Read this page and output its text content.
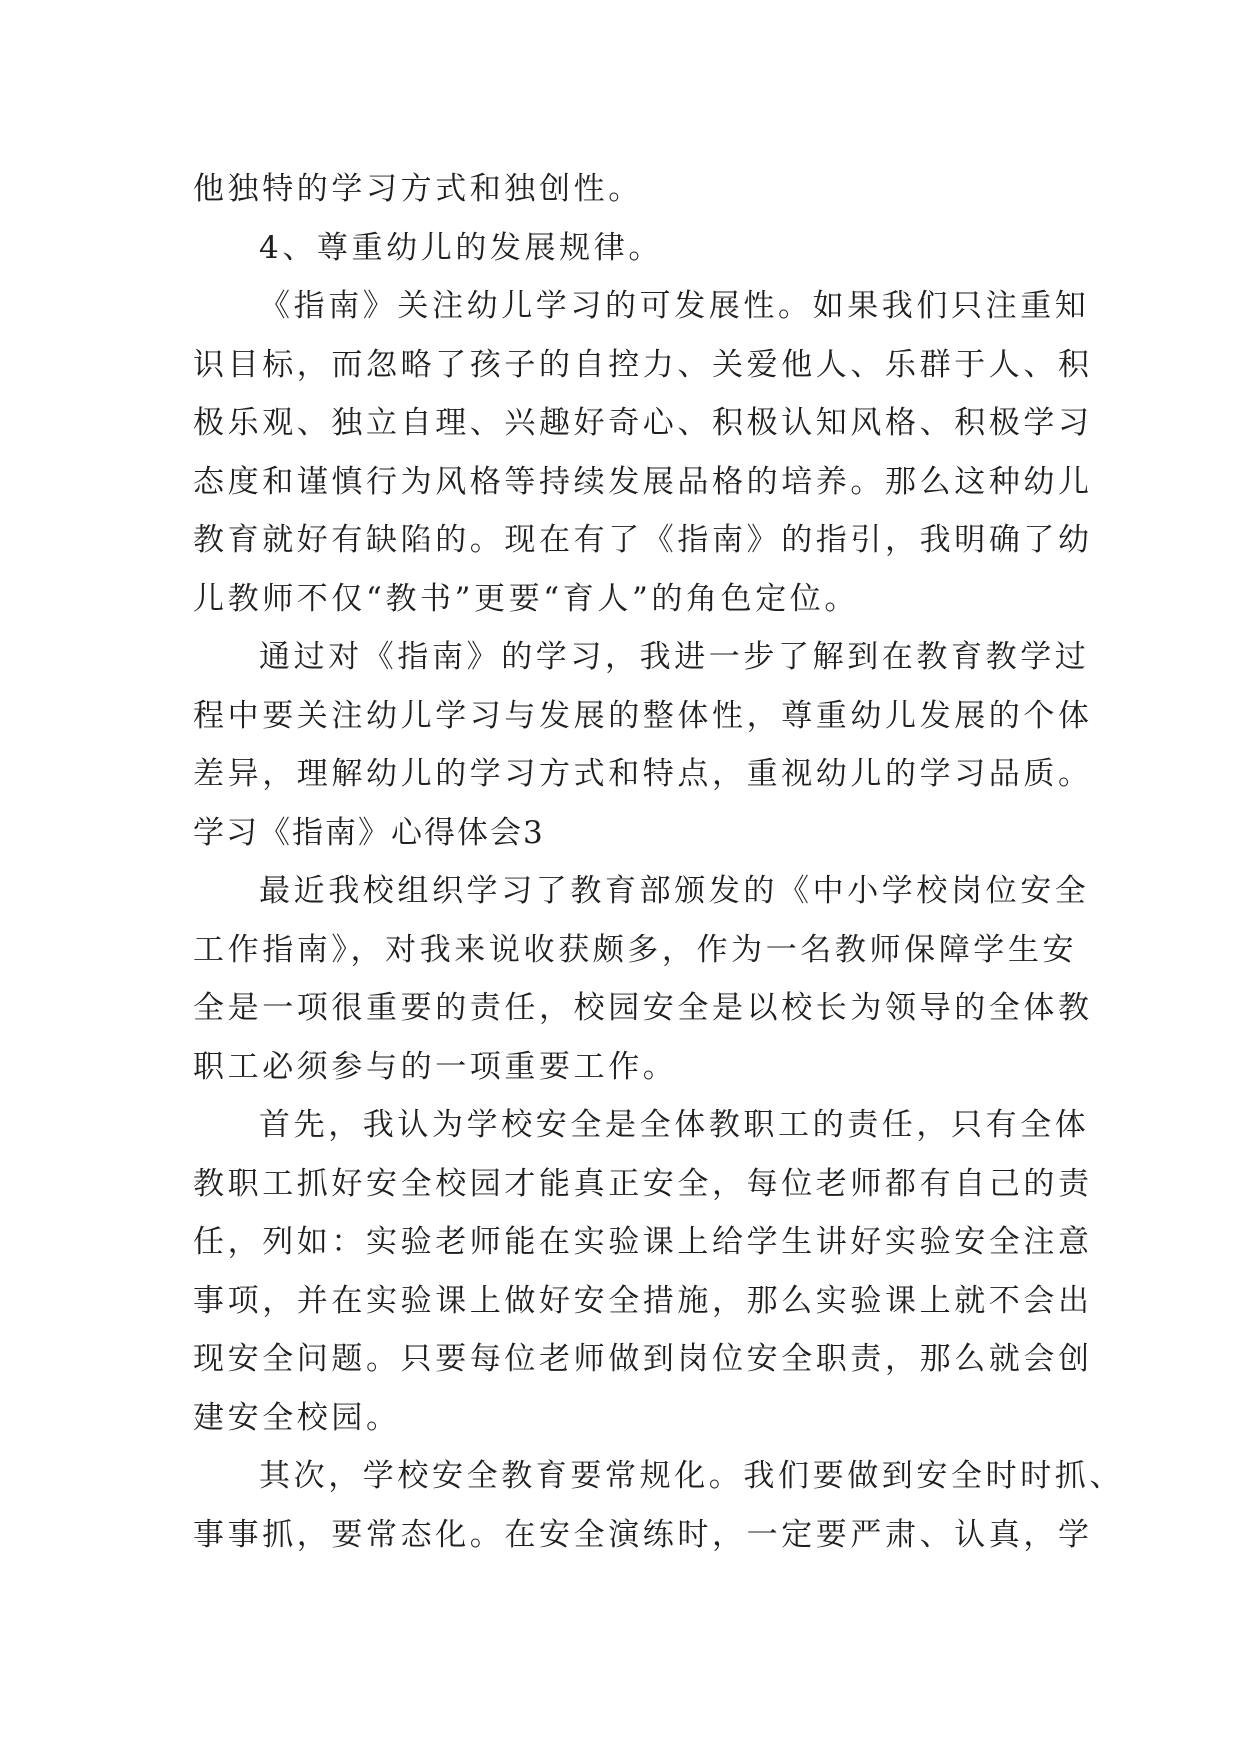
他独特的学习方式和独创性。
4、尊重幼儿的发展规律。
《指南》关注幼儿学习的可发展性。如果我们只注重知
识目标，而忽略了孩子的自控力、关爱他人、乐群于人、积
极乐观、独立自理、兴趣好奇心、积极认知风格、积极学习
态度和谨慎行为风格等持续发展品格的培养。那么这种幼儿
教育就好有缺陷的。现在有了《指南》的指引，我明确了幼
儿教师不仅“教书”更要“育人”的角色定位。
通过对《指南》的学习，我进一步了解到在教育教学过
程中要关注幼儿学习与发展的整体性，尊重幼儿发展的个体
差异，理解幼儿的学习方式和特点，重视幼儿的学习品质。
学习《指南》心得体会3
最近我校组织学习了教育部颁发的《中小学校岗位安全
工作指南》，对我来说收获颇多，作为一名教师保障学生安
全是一项很重要的责任，校园安全是以校长为领导的全体教
职工必须参与的一项重要工作。
首先，我认为学校安全是全体教职工的责任，只有全体
教职工抓好安全校园才能真正安全，每位老师都有自己的责
任，列如：实验老师能在实验课上给学生讲好实验安全注意
事项，并在实验课上做好安全措施，那么实验课上就不会出
现安全问题。只要每位老师做到岗位安全职责，那么就会创
建安全校园。
其次，学校安全教育要常规化。我们要做到安全时时抓、
事事抓，要常态化。在安全演练时，一定要严肃、认真，学
